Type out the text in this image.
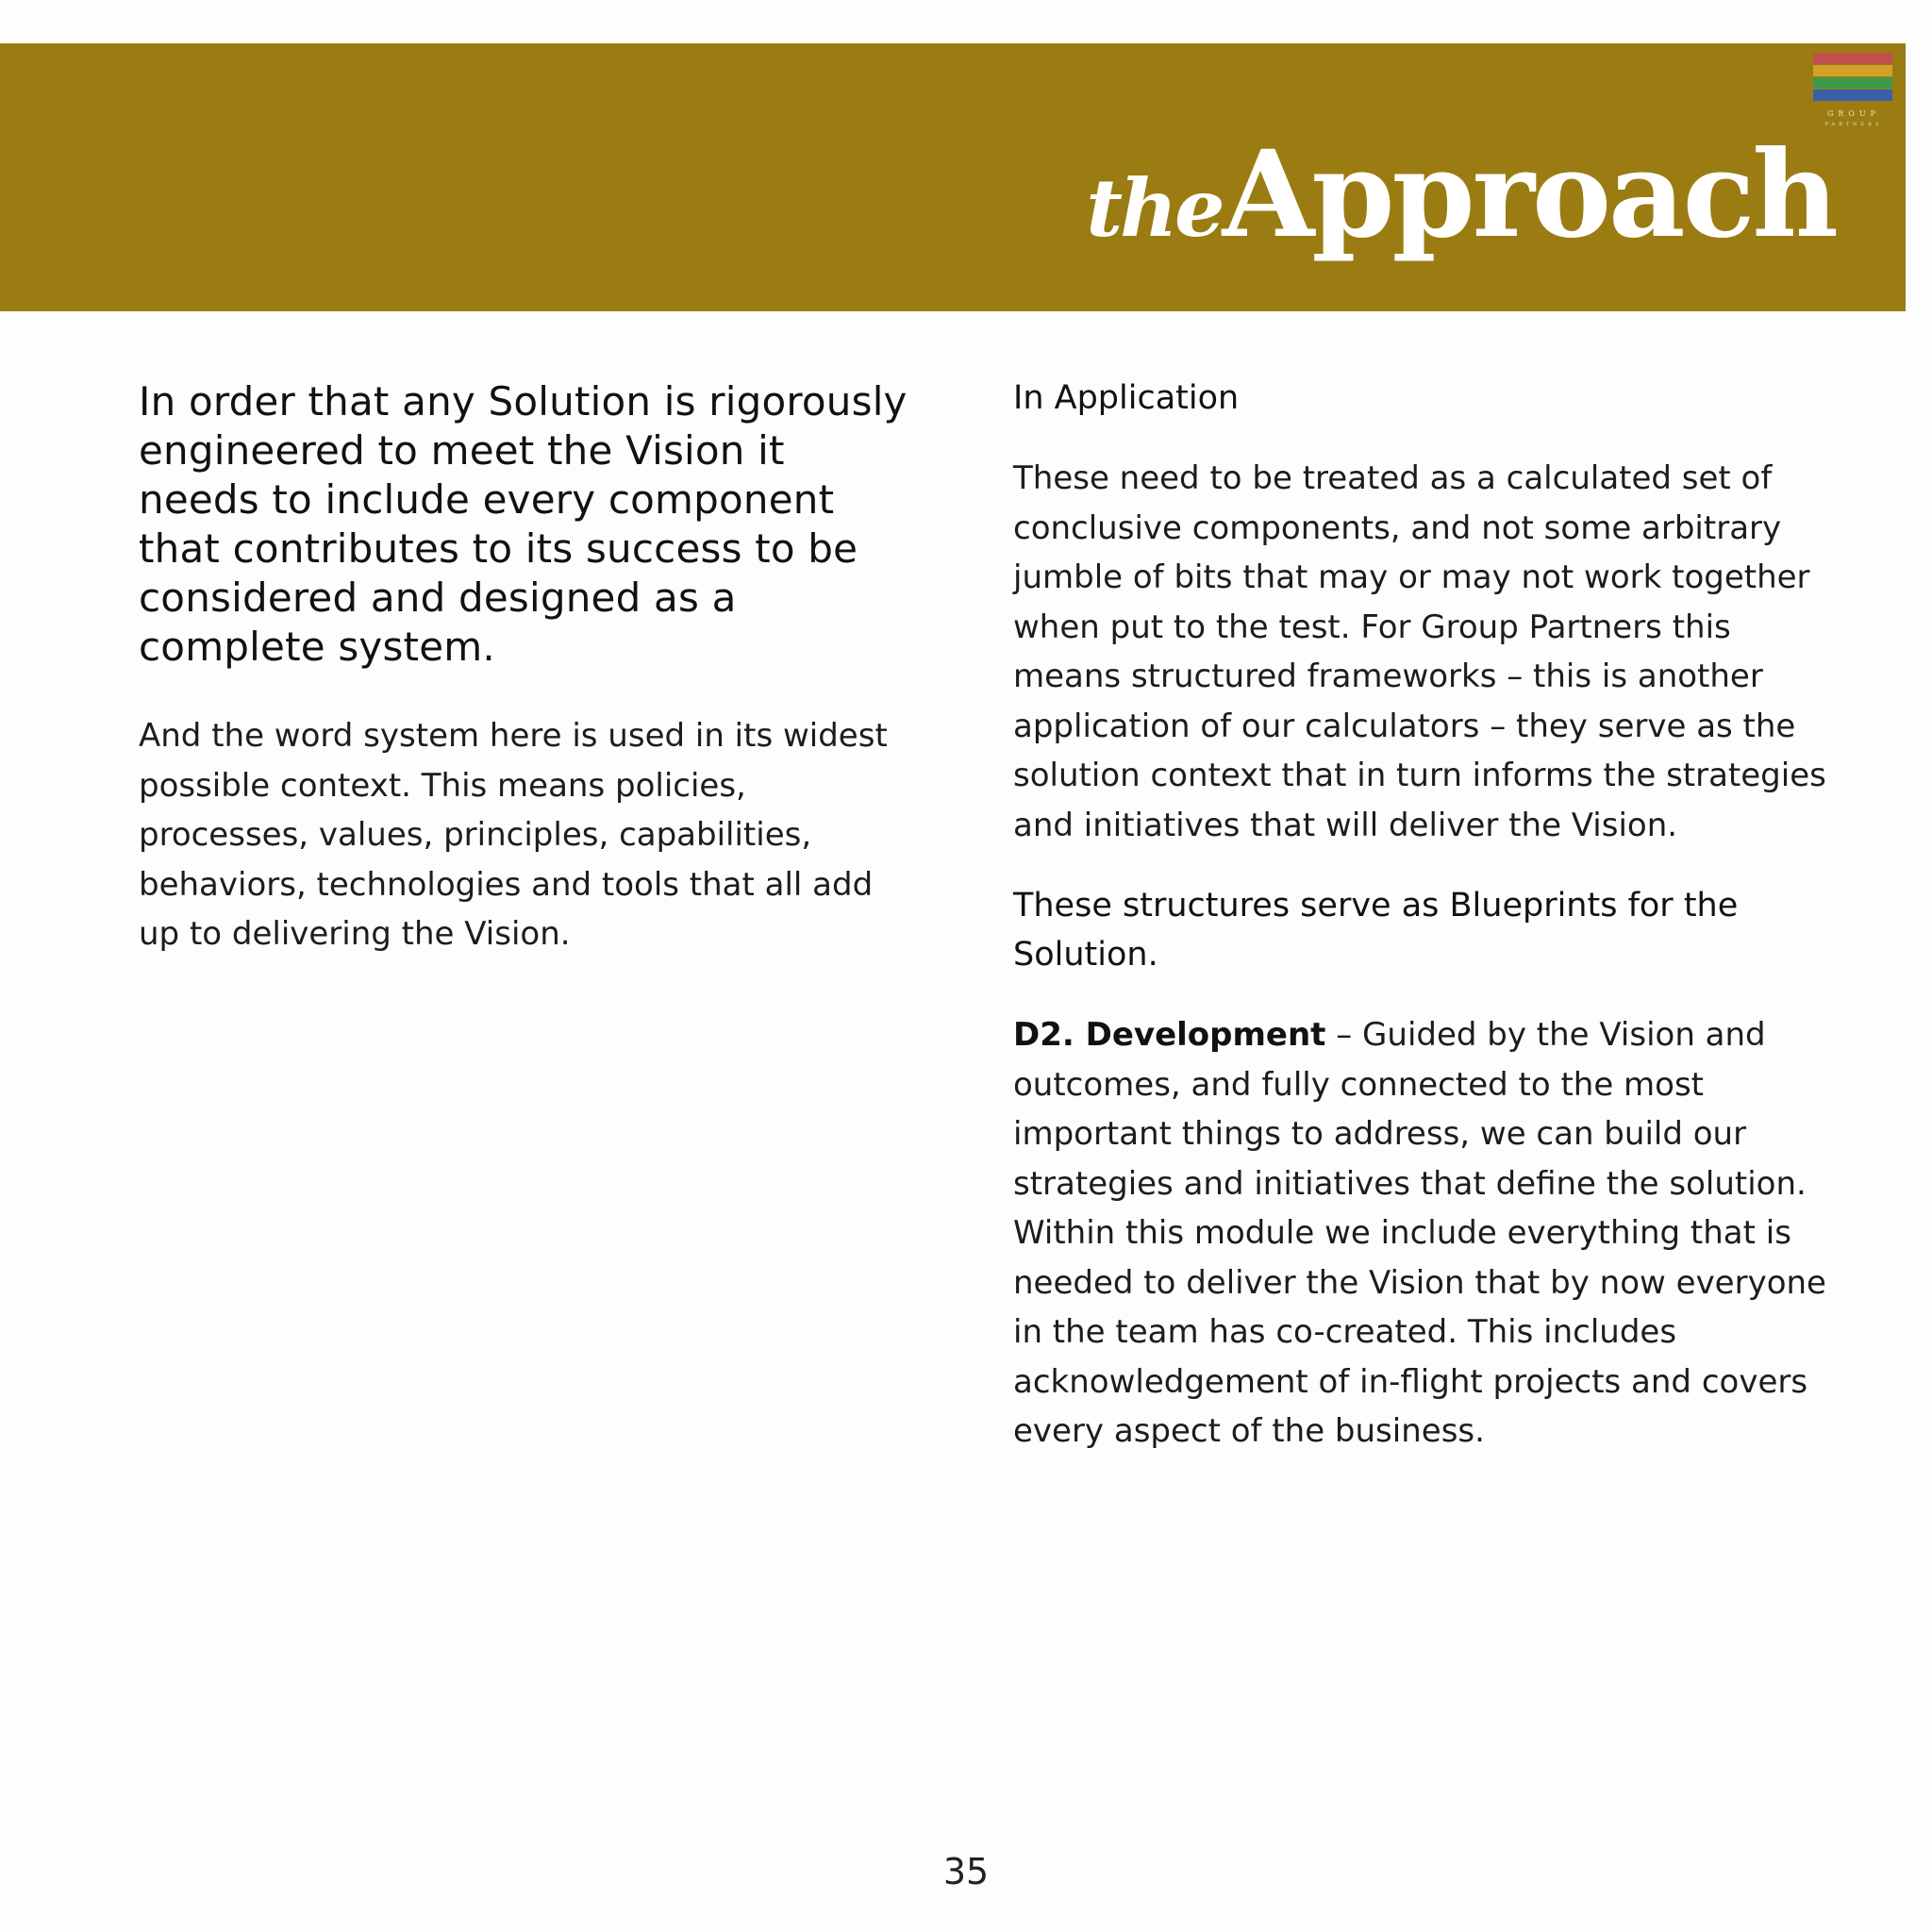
theApproach
GROUP
PARTNERS

In order that any Solution is rigorously engineered to meet the Vision it needs to include every component that contributes to its success to be considered and designed as a complete system.

And the word system here is used in its widest possible context. This means policies, processes, values, principles, capabilities, behaviors, technologies and tools that all add up to delivering the Vision.

In Application

These need to be treated as a calculated set of conclusive components, and not some arbitrary jumble of bits that may or may not work together when put to the test. For Group Partners this means structured frameworks – this is another application of our calculators – they serve as the solution context that in turn informs the strategies and initiatives that will deliver the Vision.

These structures serve as Blueprints for the Solution.

D2. Development – Guided by the Vision and outcomes, and fully connected to the most important things to address, we can build our strategies and initiatives that define the solution. Within this module we include everything that is needed to deliver the Vision that by now everyone in the team has co-created. This includes acknowledgement of in-flight projects and covers every aspect of the business.

35
